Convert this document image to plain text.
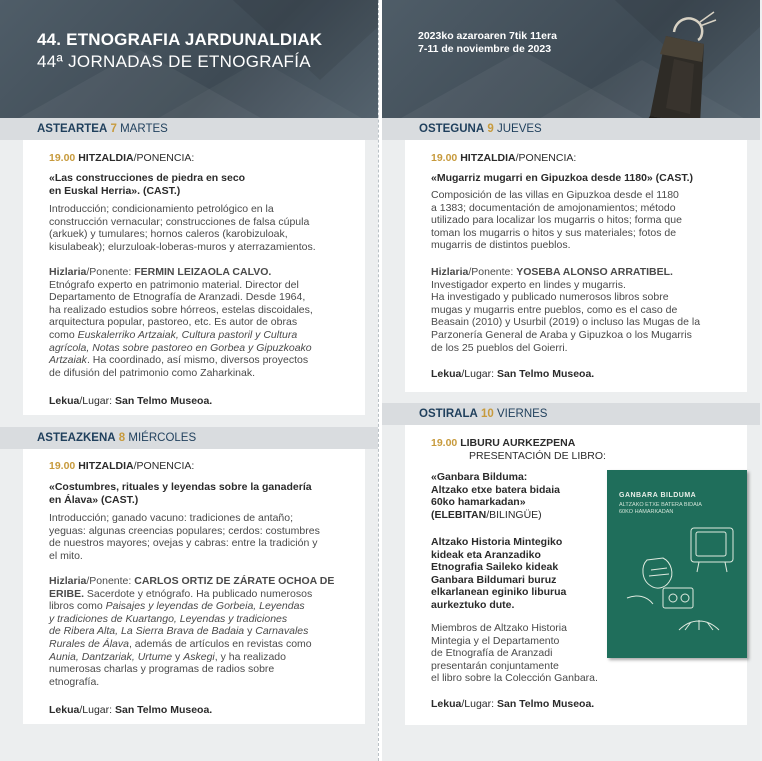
44. ETNOGRAFIA JARDUNALDIAK
44ª JORNADAS DE ETNOGRAFÍA
ASTEARTEA 7 MARTES
19.00 HITZALDIA/PONENCIA:
«Las construcciones de piedra en seco
en Euskal Herria». (CAST.)
Introducción; condicionamiento petrológico en la
construcción vernacular; construcciones de falsa cúpula
(arkuek) y tumulares; hornos caleros (karobizuloak,
kisulabeak); elurzuloak-loberas-muros y aterrazamientos.
Hizlaria/Ponente: FERMIN LEIZAOLA CALVO.
Etnógrafo experto en patrimonio material. Director del
Departamento de Etnografía de Aranzadi. Desde 1964,
ha realizado estudios sobre hórreos, estelas discoidales,
arquitectura popular, pastoreo, etc. Es autor de obras
como Euskalerriko Artzaiak, Cultura pastoril y Cultura
agrícola, Notas sobre pastoreo en Gorbea y Gipuzkoako
Artzaiak. Ha coordinado, así mismo, diversos proyectos
de difusión del patrimonio como Zaharkinak.
Lekua/Lugar: San Telmo Museoa.
ASTEAZKENA 8 MIÉRCOLES
19.00 HITZALDIA/PONENCIA:
«Costumbres, rituales y leyendas sobre la ganadería
en Álava» (CAST.)
Introducción; ganado vacuno: tradiciones de antaño;
yeguas: algunas creencias populares; cerdos: costumbres
de nuestros mayores; ovejas y cabras: entre la tradición y
el mito.
Hizlaria/Ponente: CARLOS ORTIZ DE ZÁRATE OCHOA DE
ERIBE. Sacerdote y etnógrafo. Ha publicado numerosos
libros como Paisajes y leyendas de Gorbeia, Leyendas
y tradiciones de Kuartango, Leyendas y tradiciones
de Ribera Alta, La Sierra Brava de Badaia y Carnavales
Rurales de Álava, además de artículos en revistas como
Aunia, Dantzariak, Urtume y Askegi, y ha realizado
numerosas charlas y programas de radios sobre
etnografía.
Lekua/Lugar: San Telmo Museoa.
2023ko azaroaren 7tik 11era
7-11 de noviembre de 2023
OSTEGUNA 9 JUEVES
19.00 HITZALDIA/PONENCIA:
«Mugarriz mugarri en Gipuzkoa desde 1180» (CAST.)
Composición de las villas en Gipuzkoa desde el 1180
a 1383; documentación de amojonamientos; método
utilizado para localizar los mugarris o hitos; forma que
toman los mugarris o hitos y sus materiales; fotos de
mugarris de distintos pueblos.
Hizlaria/Ponente: YOSEBA ALONSO ARRATIBEL.
Investigador experto en lindes y mugarris.
Ha investigado y publicado numerosos libros sobre
mugas y mugarris entre pueblos, como es el caso de
Beasain (2010) y Usurbil (2019) o incluso las Mugas de la
Parzonería General de Araba y Gipuzkoa o los Mugarris
de los 25 pueblos del Goierri.
Lekua/Lugar: San Telmo Museoa.
OSTIRALA 10 VIERNES
19.00 LIBURU AURKEZPENA
PRESENTACIÓN DE LIBRO:
«Ganbara Bilduma:
Altzako etxe batera bidaia
60ko hamarkadan»
(ELEBITAN/BILINGÜE)
Altzako Historia Mintegiko
kideak eta Aranzadiko
Etnografia Saileko kideak
Ganbara Bildumari buruz
elkarlanean eginiko liburua
aurkeztuko dute.
Miembros de Altzako Historia
Mintegia y el Departamento
de Etnografía de Aranzadi
presentarán conjuntamente
el libro sobre la Colección Ganbara.
Lekua/Lugar: San Telmo Museoa.
GANBARA BILDUMA
ALTZAKO ETXE BATERA BIDAIA
60KO HAMARKADAN
